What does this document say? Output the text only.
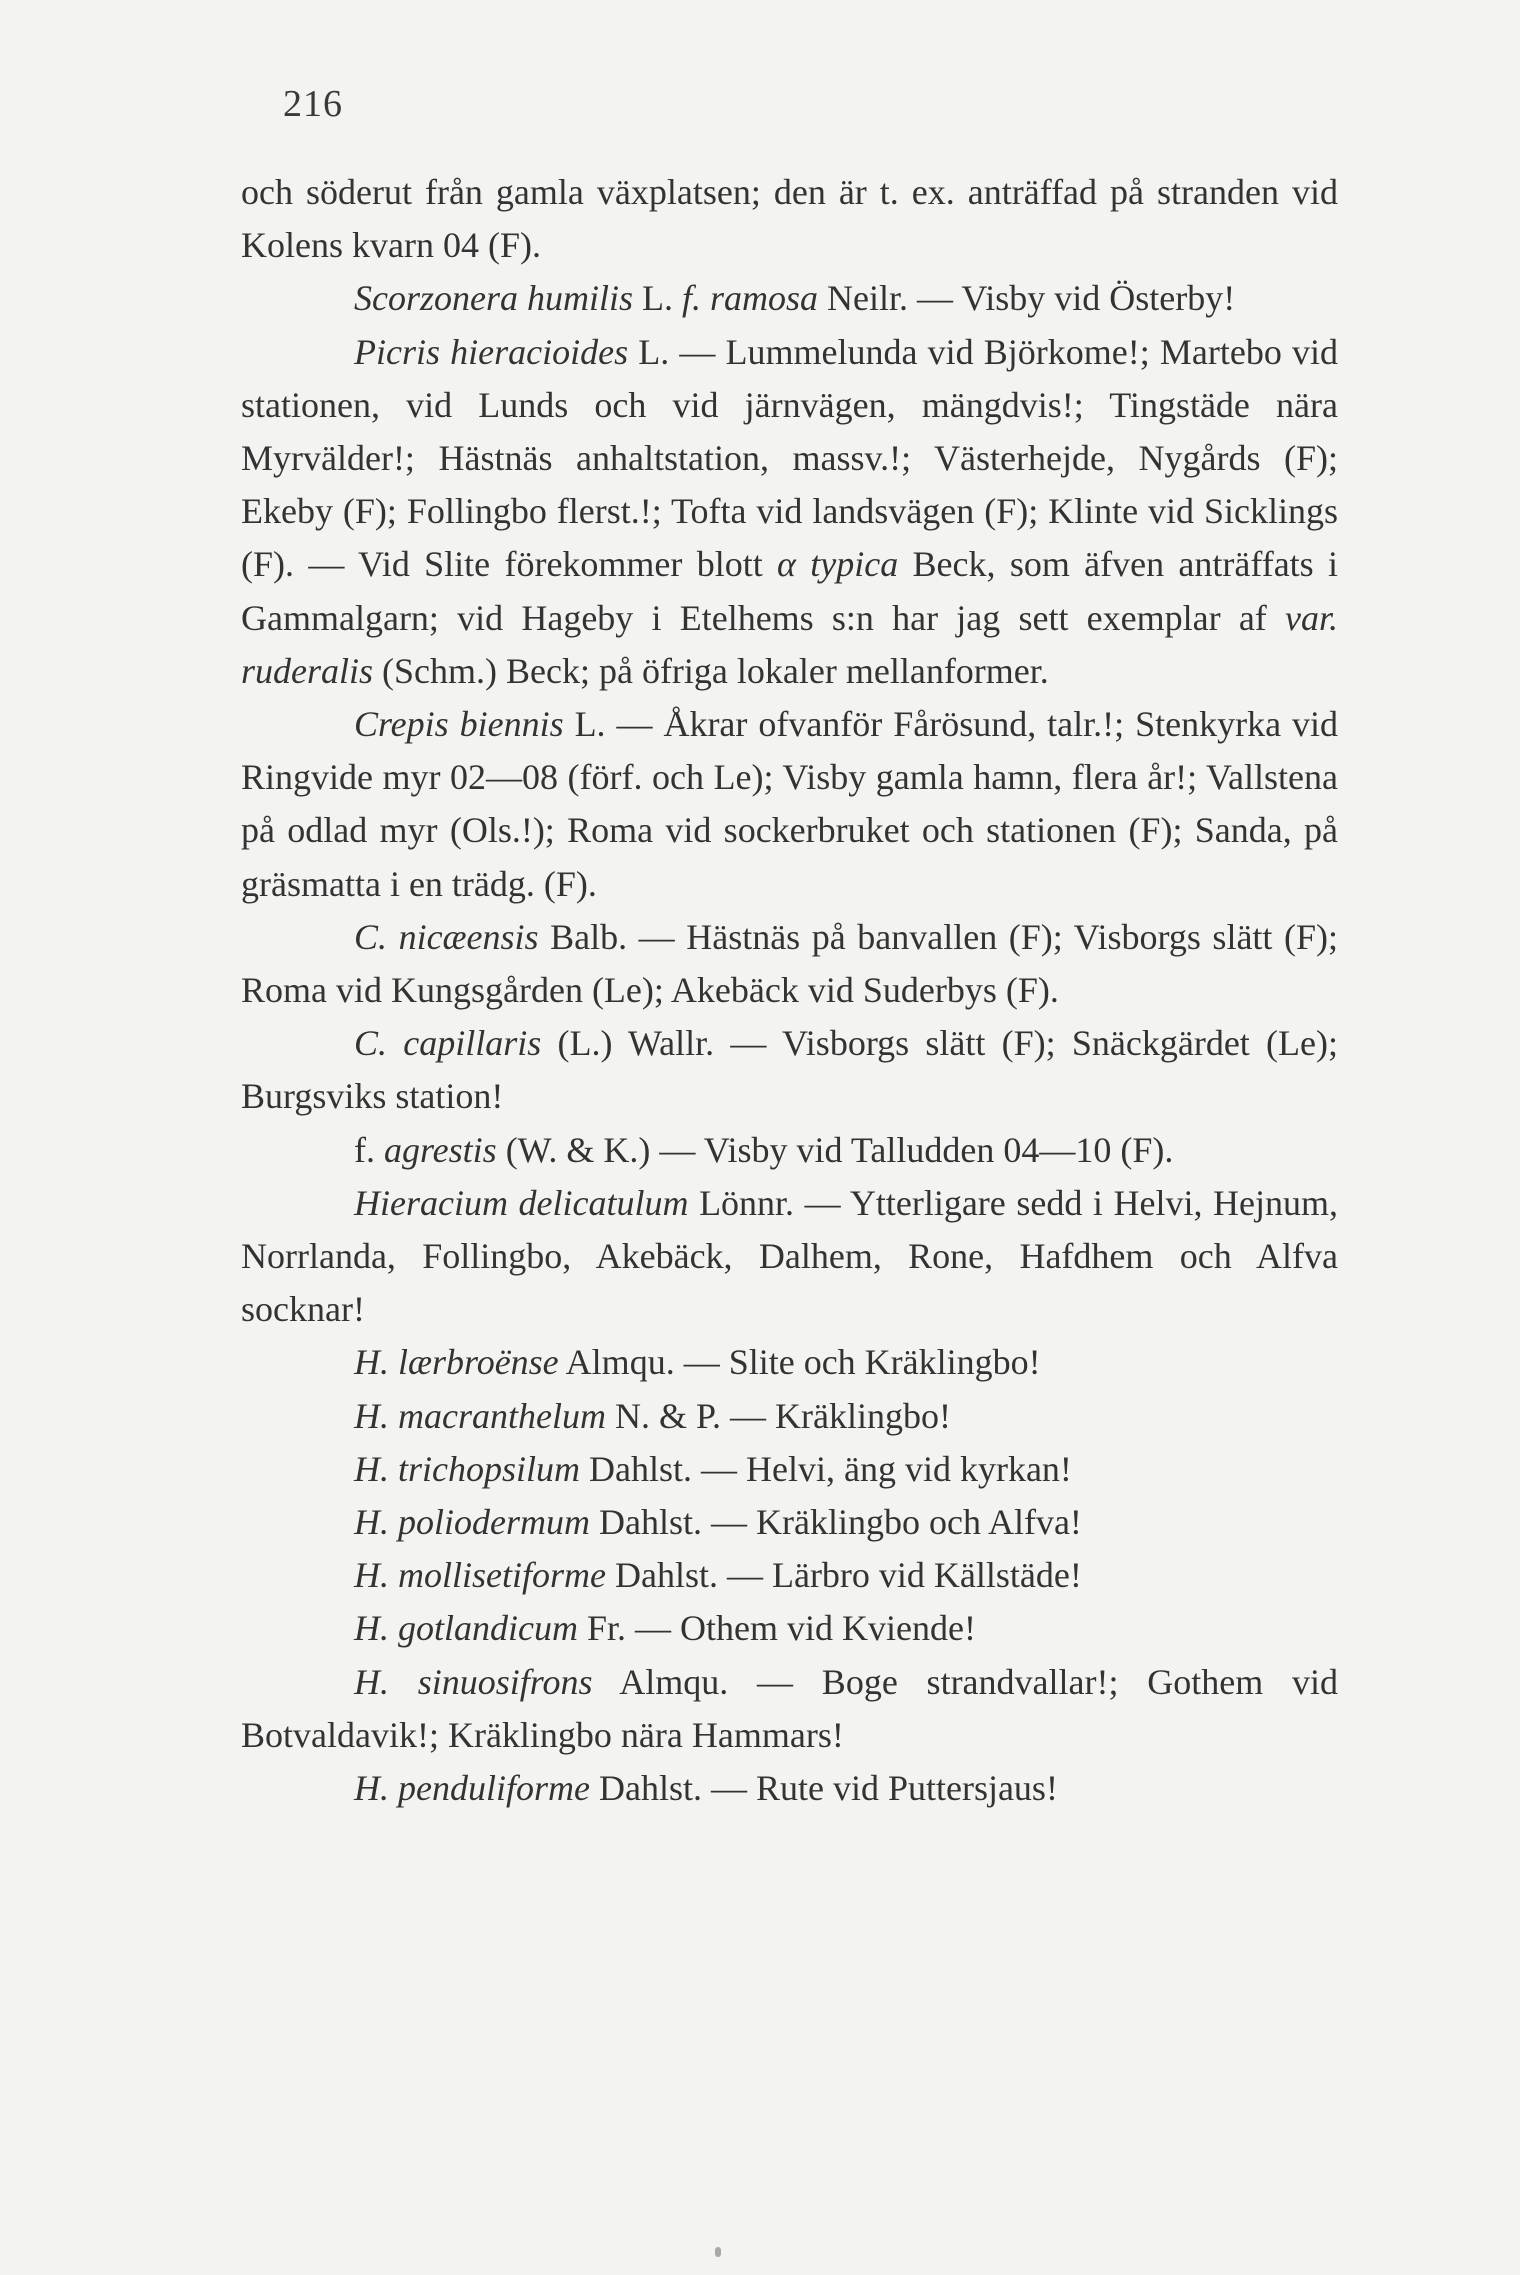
216

och söderut från gamla växplatsen; den är t. ex. anträffad på stranden vid Kolens kvarn 04 (F).

Scorzonera humilis L. f. ramosa Neilr. — Visby vid Österby!

Picris hieracioides L. — Lummelunda vid Björkome!; Martebo vid stationen, vid Lunds och vid järnvägen, mängdvis!; Tingstäde nära Myrvälder!; Hästnäs anhaltstation, massv.!; Västerhejde, Nygårds (F); Ekeby (F); Follingbo flerst.!; Tofta vid landsvägen (F); Klinte vid Sicklings (F). — Vid Slite förekommer blott α typica Beck, som äfven anträffats i Gammalgarn; vid Hageby i Etelhems s:n har jag sett exemplar af var. ruderalis (Schm.) Beck; på öfriga lokaler mellanformer.

Crepis biennis L. — Åkrar ofvanför Fårösund, talr.!; Stenkyrka vid Ringvide myr 02—08 (förf. och Le); Visby gamla hamn, flera år!; Vallstena på odlad myr (Ols.!); Roma vid sockerbruket och stationen (F); Sanda, på gräsmatta i en trädg. (F).

C. nicæensis Balb. — Hästnäs på banvallen (F); Visborgs slätt (F); Roma vid Kungsgården (Le); Akebäck vid Suderbys (F).

C. capillaris (L.) Wallr. — Visborgs slätt (F); Snäckgärdet (Le); Burgsviks station!

f. agrestis (W. & K.) — Visby vid Talludden 04—10 (F).

Hieracium delicatulum Lönnr. — Ytterligare sedd i Helvi, Hejnum, Norrlanda, Follingbo, Akebäck, Dalhem, Rone, Hafdhem och Alfva socknar!

H. lærbroënse Almqu. — Slite och Kräklingbo!

H. macranthelum N. & P. — Kräklingbo!

H. trichopsilum Dahlst. — Helvi, äng vid kyrkan!

H. poliodermum Dahlst. — Kräklingbo och Alfva!

H. mollisetiforme Dahlst. — Lärbro vid Källstäde!

H. gotlandicum Fr. — Othem vid Kviende!

H. sinuosifrons Almqu. — Boge strandvallar!; Gothem vid Botvaldavik!; Kräklingbo nära Hammars!

H. penduliforme Dahlst. — Rute vid Puttersjaus!
